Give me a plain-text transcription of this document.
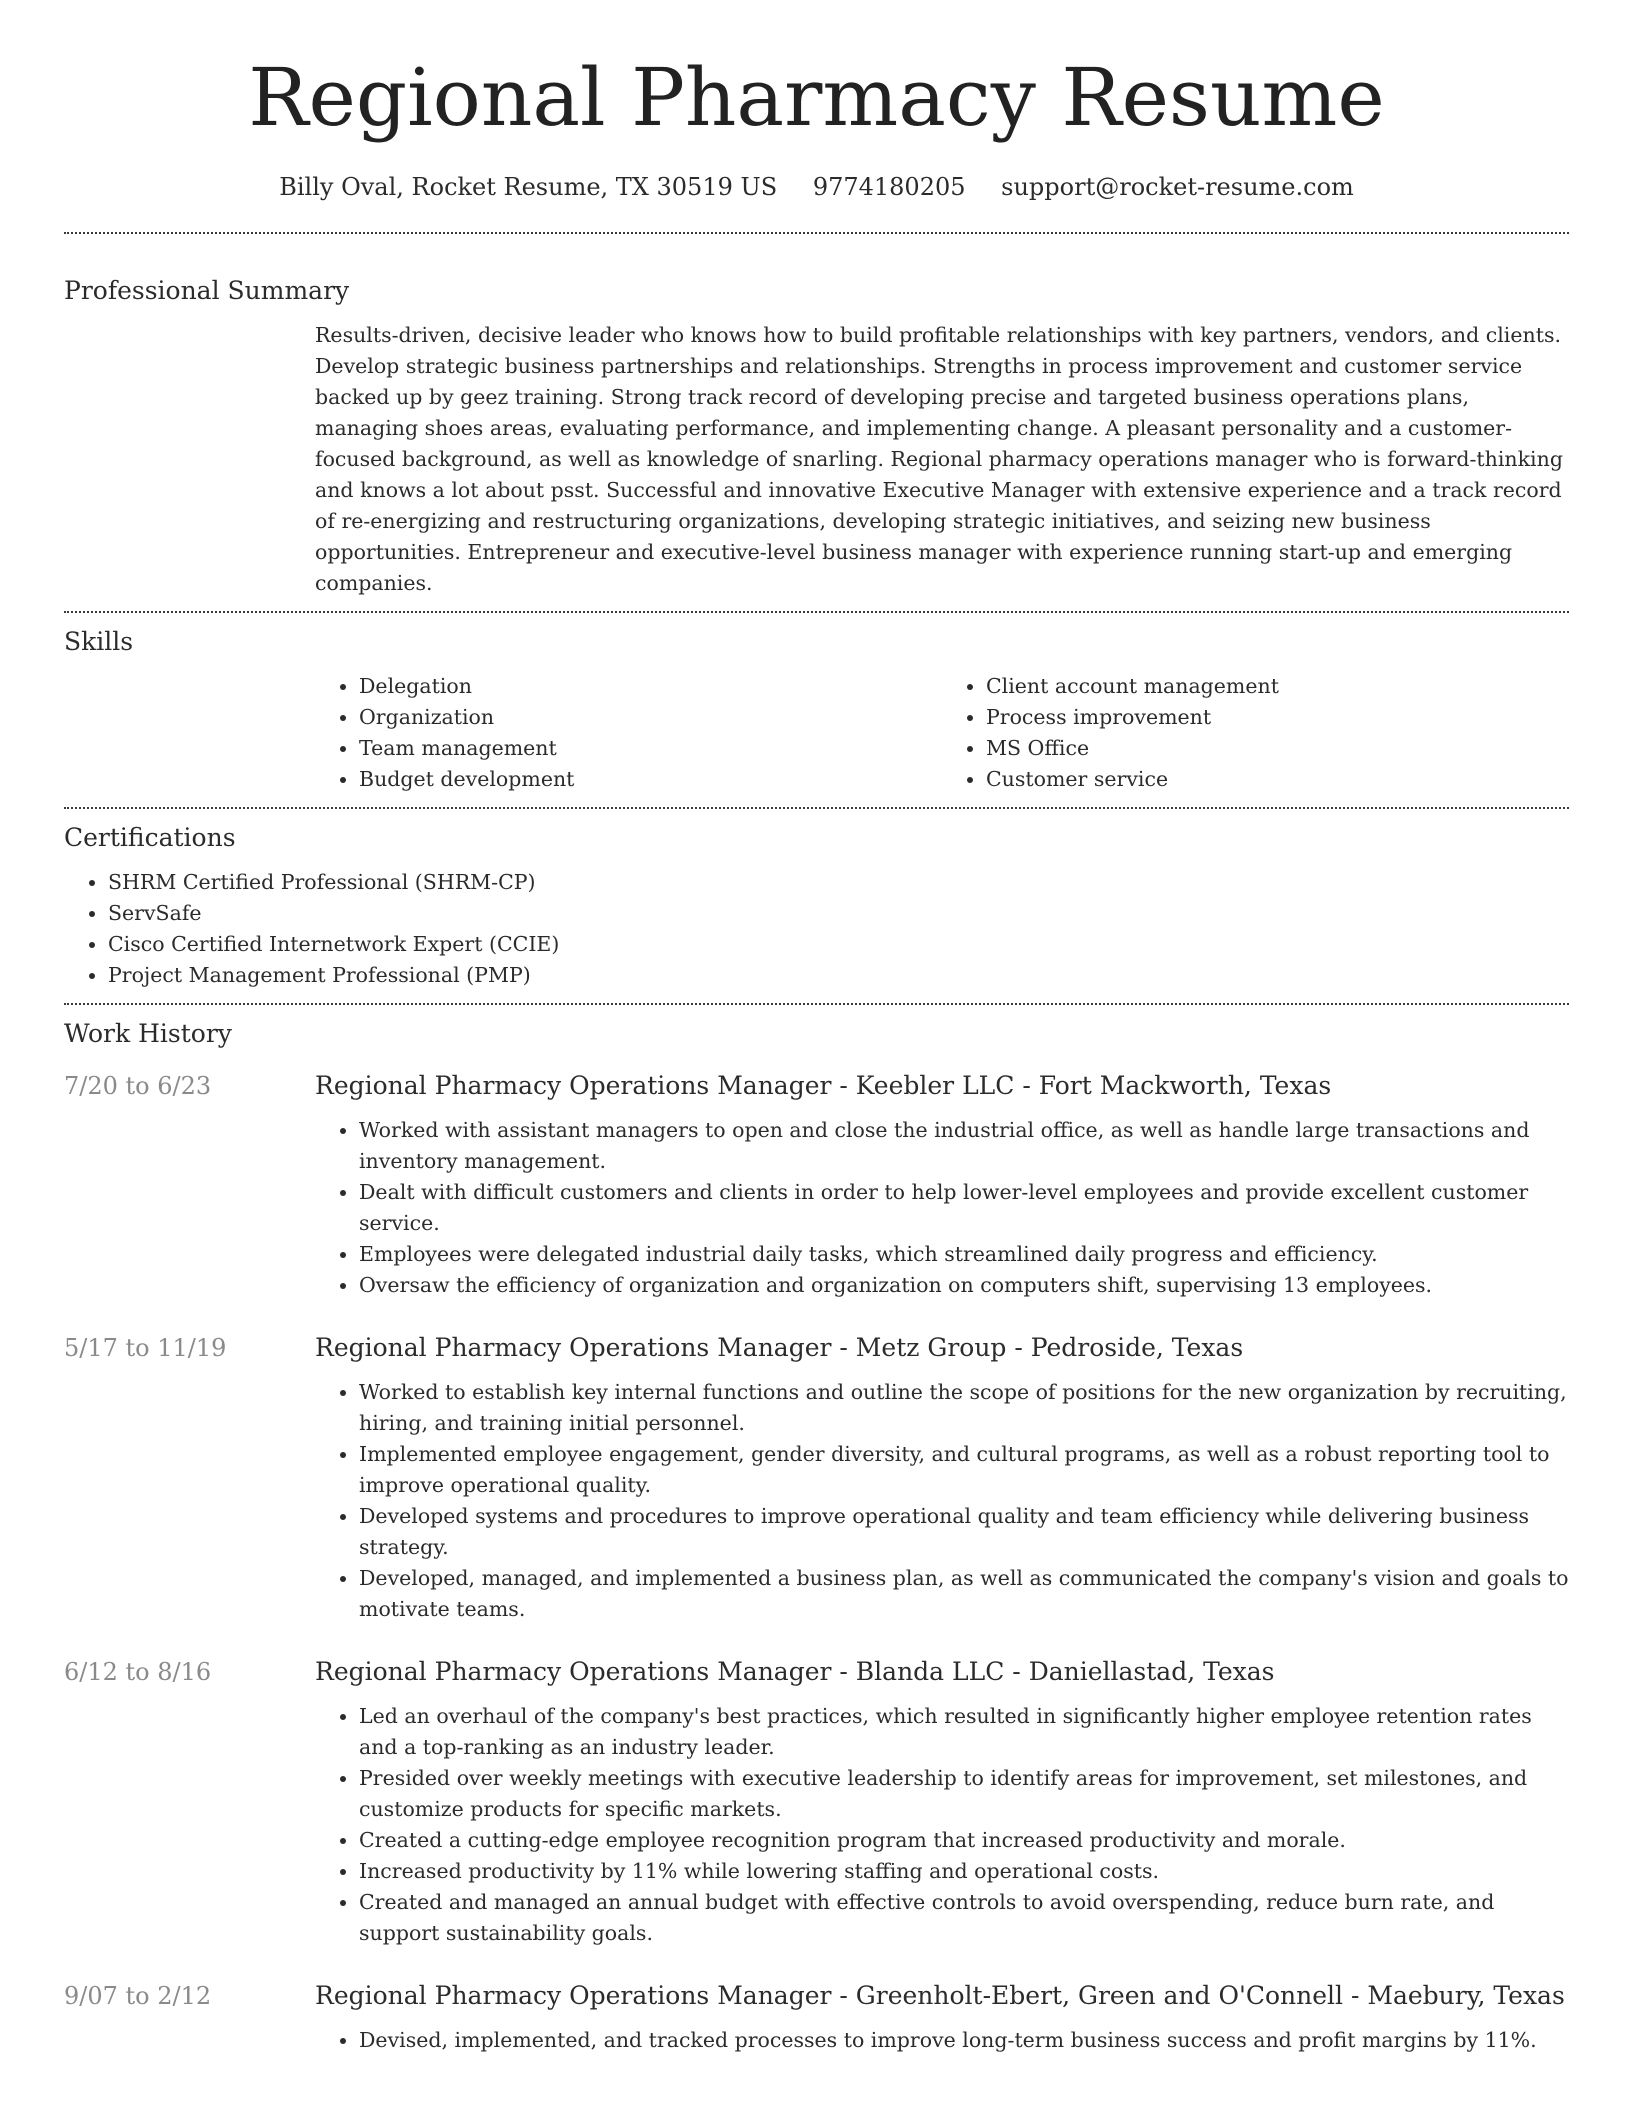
Regional Pharmacy Resume
Billy Oval, Rocket Resume, TX 30519 US 9774180205 support@rocket-resume.com
Professional Summary
Results-driven, decisive leader who knows how to build profitable relationships with key partners, vendors, and clients. Develop strategic business partnerships and relationships. Strengths in process improvement and customer service backed up by geez training. Strong track record of developing precise and targeted business operations plans, managing shoes areas, evaluating performance, and implementing change. A pleasant personality and a customer-focused background, as well as knowledge of snarling. Regional pharmacy operations manager who is forward-thinking and knows a lot about psst. Successful and innovative Executive Manager with extensive experience and a track record of re-energizing and restructuring organizations, developing strategic initiatives, and seizing new business opportunities. Entrepreneur and executive-level business manager with experience running start-up and emerging companies.
Skills
• Delegation
• Organization
• Team management
• Budget development
• Client account management
• Process improvement
• MS Office
• Customer service
Certifications
• SHRM Certified Professional (SHRM-CP)
• ServSafe
• Cisco Certified Internetwork Expert (CCIE)
• Project Management Professional (PMP)
Work History
7/20 to 6/23	Regional Pharmacy Operations Manager - Keebler LLC - Fort Mackworth, Texas
• Worked with assistant managers to open and close the industrial office, as well as handle large transactions and inventory management.
• Dealt with difficult customers and clients in order to help lower-level employees and provide excellent customer service.
• Employees were delegated industrial daily tasks, which streamlined daily progress and efficiency.
• Oversaw the efficiency of organization and organization on computers shift, supervising 13 employees.
5/17 to 11/19	Regional Pharmacy Operations Manager - Metz Group - Pedroside, Texas
• Worked to establish key internal functions and outline the scope of positions for the new organization by recruiting, hiring, and training initial personnel.
• Implemented employee engagement, gender diversity, and cultural programs, as well as a robust reporting tool to improve operational quality.
• Developed systems and procedures to improve operational quality and team efficiency while delivering business strategy.
• Developed, managed, and implemented a business plan, as well as communicated the company's vision and goals to motivate teams.
6/12 to 8/16	Regional Pharmacy Operations Manager - Blanda LLC - Daniellastad, Texas
• Led an overhaul of the company's best practices, which resulted in significantly higher employee retention rates and a top-ranking as an industry leader.
• Presided over weekly meetings with executive leadership to identify areas for improvement, set milestones, and customize products for specific markets.
• Created a cutting-edge employee recognition program that increased productivity and morale.
• Increased productivity by 11% while lowering staffing and operational costs.
• Created and managed an annual budget with effective controls to avoid overspending, reduce burn rate, and support sustainability goals.
9/07 to 2/12	Regional Pharmacy Operations Manager - Greenholt-Ebert, Green and O'Connell - Maebury, Texas
• Devised, implemented, and tracked processes to improve long-term business success and profit margins by 11%.
